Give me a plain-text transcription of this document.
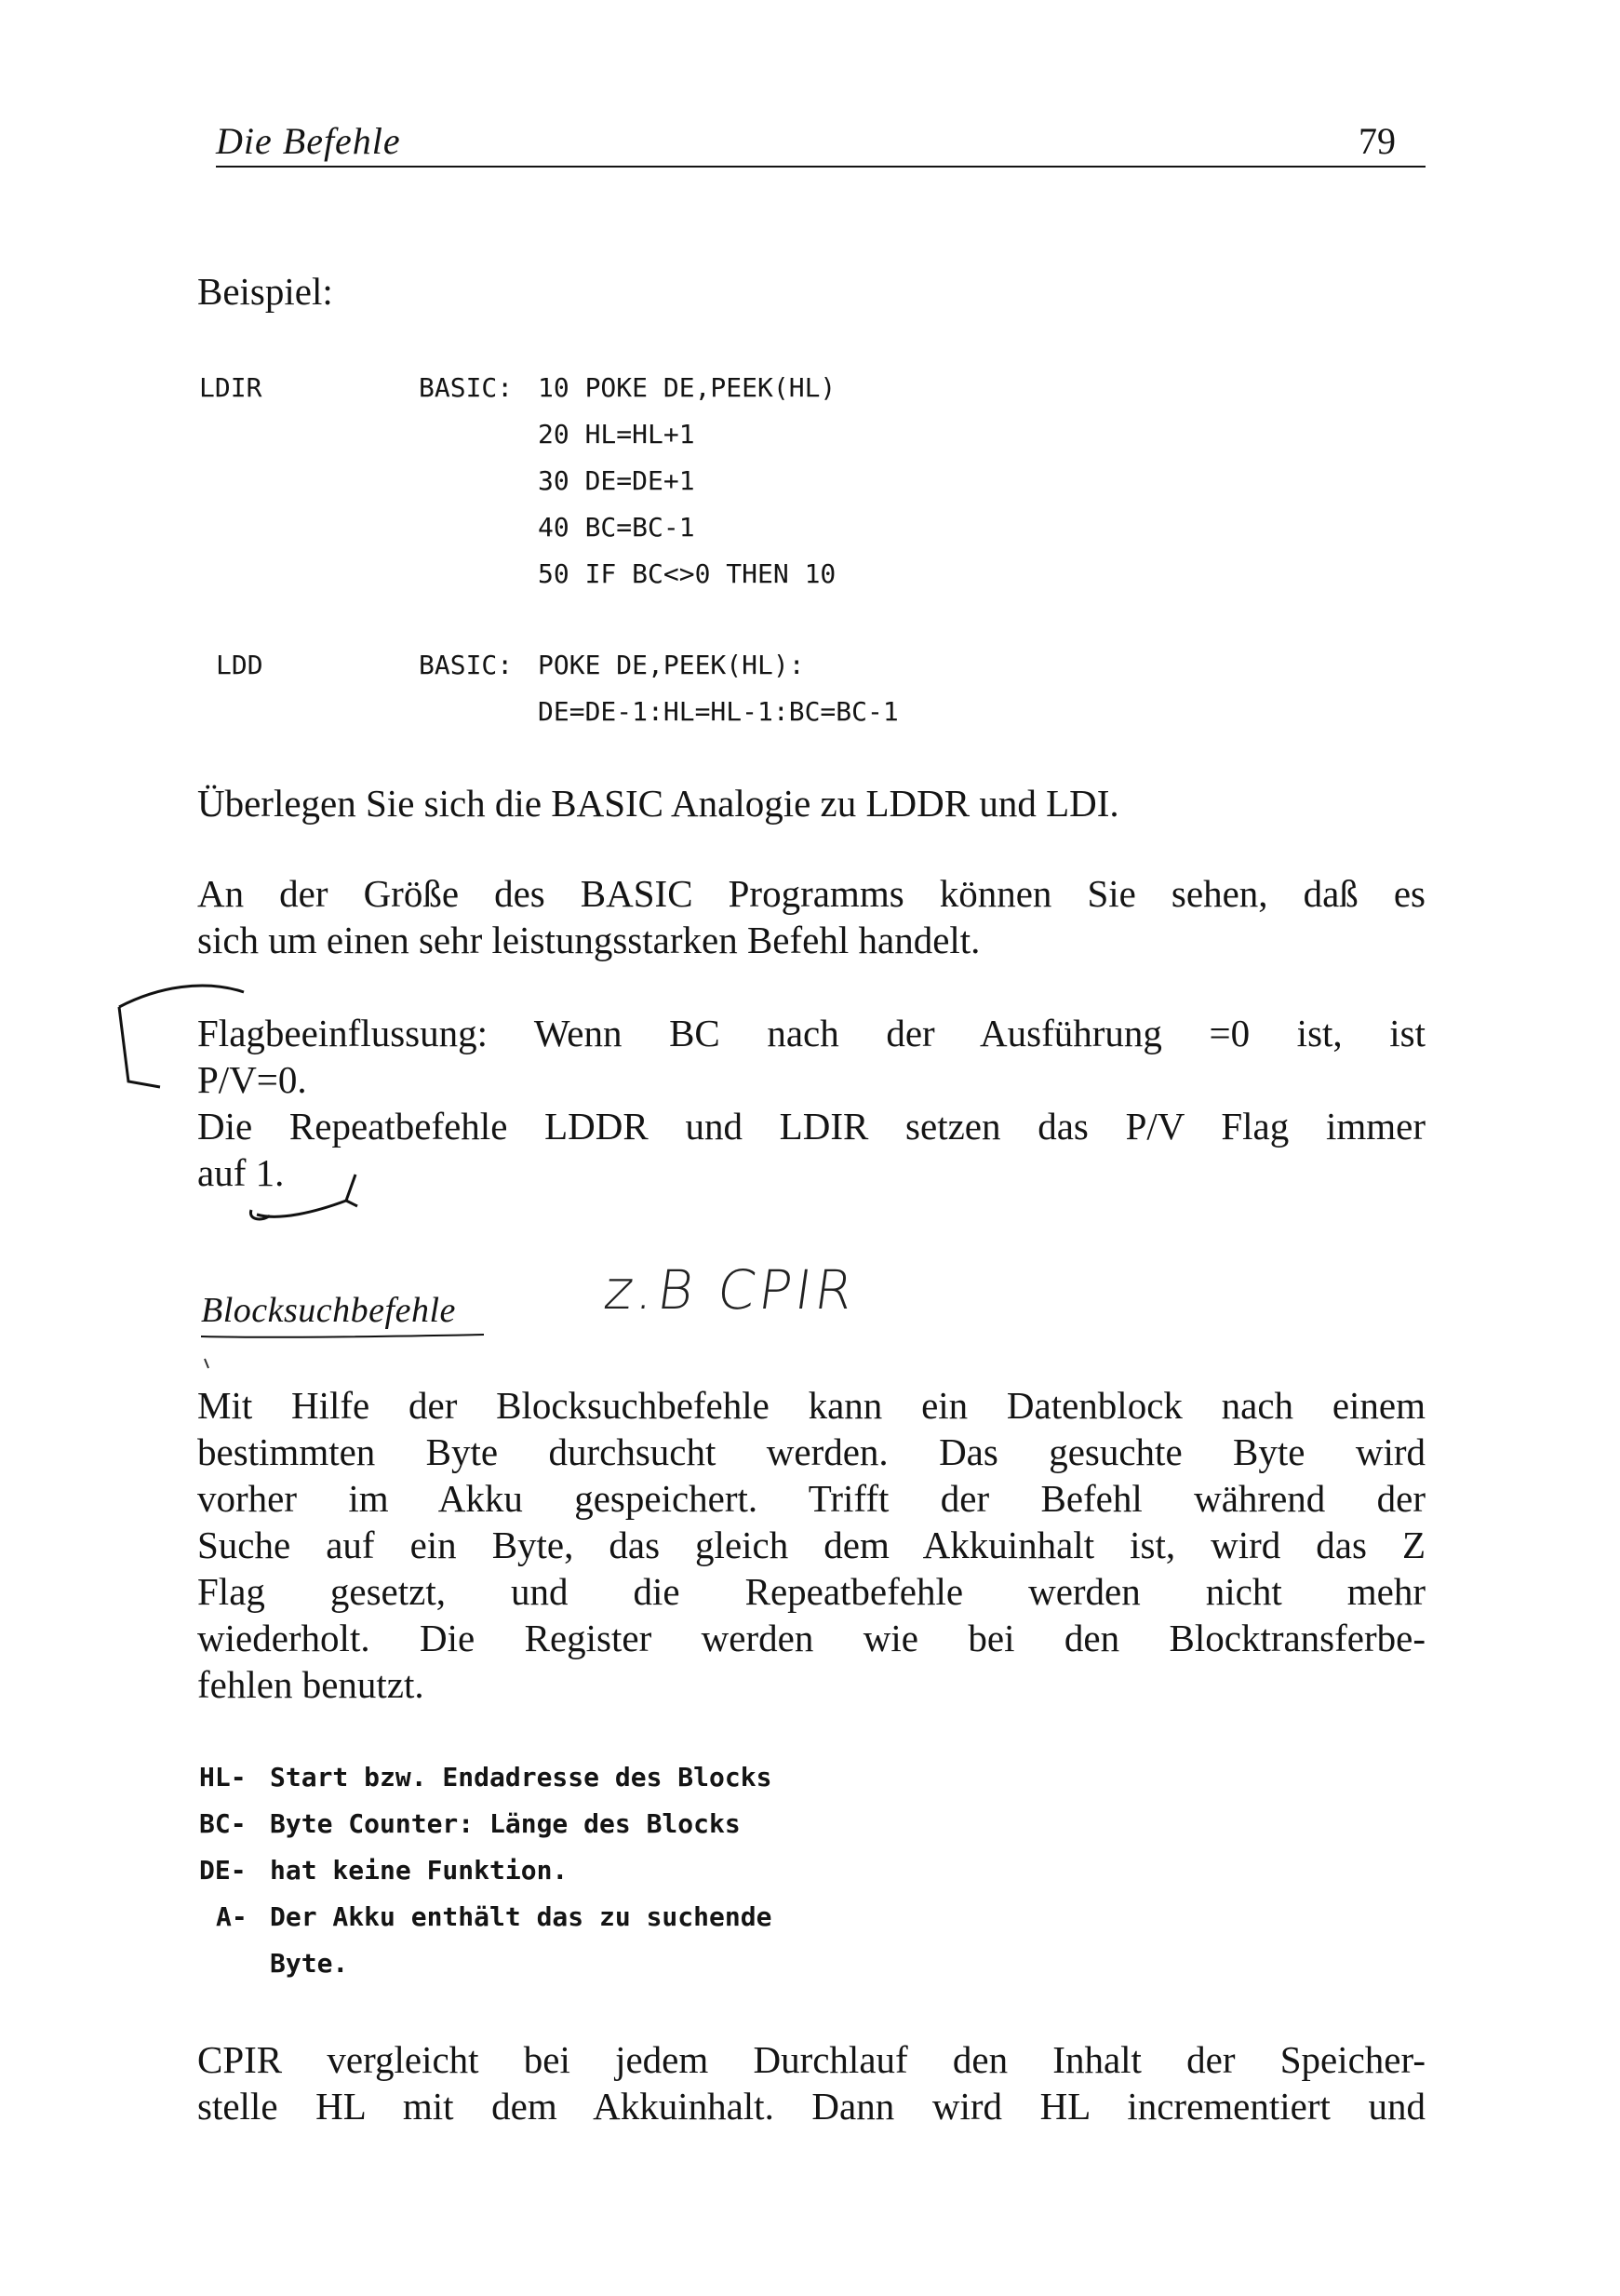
Die Befehle	79
Beispiel:
LDIR	BASIC: 10 POKE DE,PEEK(HL)
20 HL=HL+1
30 DE=DE+1
40 BC=BC-1
50 IF BC<>0 THEN 10
LDD	BASIC: POKE DE,PEEK(HL):
DE=DE-1:HL=HL-1:BC=BC-1
Überlegen Sie sich die BASIC Analogie zu LDDR und LDI.
An der Größe des BASIC Programms können Sie sehen, daß es
sich um einen sehr leistungsstarken Befehl handelt.
Flagbeeinflussung: Wenn BC nach der Ausführung =0 ist, ist
P/V=0.
Die Repeatbefehle LDDR und LDIR setzen das P/V Flag immer
auf 1.
Blocksuchbefehle	z.B CPIR
Mit Hilfe der Blocksuchbefehle kann ein Datenblock nach einem
bestimmten Byte durchsucht werden. Das gesuchte Byte wird
vorher im Akku gespeichert. Trifft der Befehl während der
Suche auf ein Byte, das gleich dem Akkuinhalt ist, wird das Z
Flag gesetzt, und die Repeatbefehle werden nicht mehr
wiederholt. Die Register werden wie bei den Blocktransferbe-
fehlen benutzt.
HL- Start bzw. Endadresse des Blocks
BC- Byte Counter: Länge des Blocks
DE- hat keine Funktion.
A- Der Akku enthält das zu suchende
Byte.
CPIR vergleicht bei jedem Durchlauf den Inhalt der Speicher-
stelle HL mit dem Akkuinhalt. Dann wird HL incrementiert und
